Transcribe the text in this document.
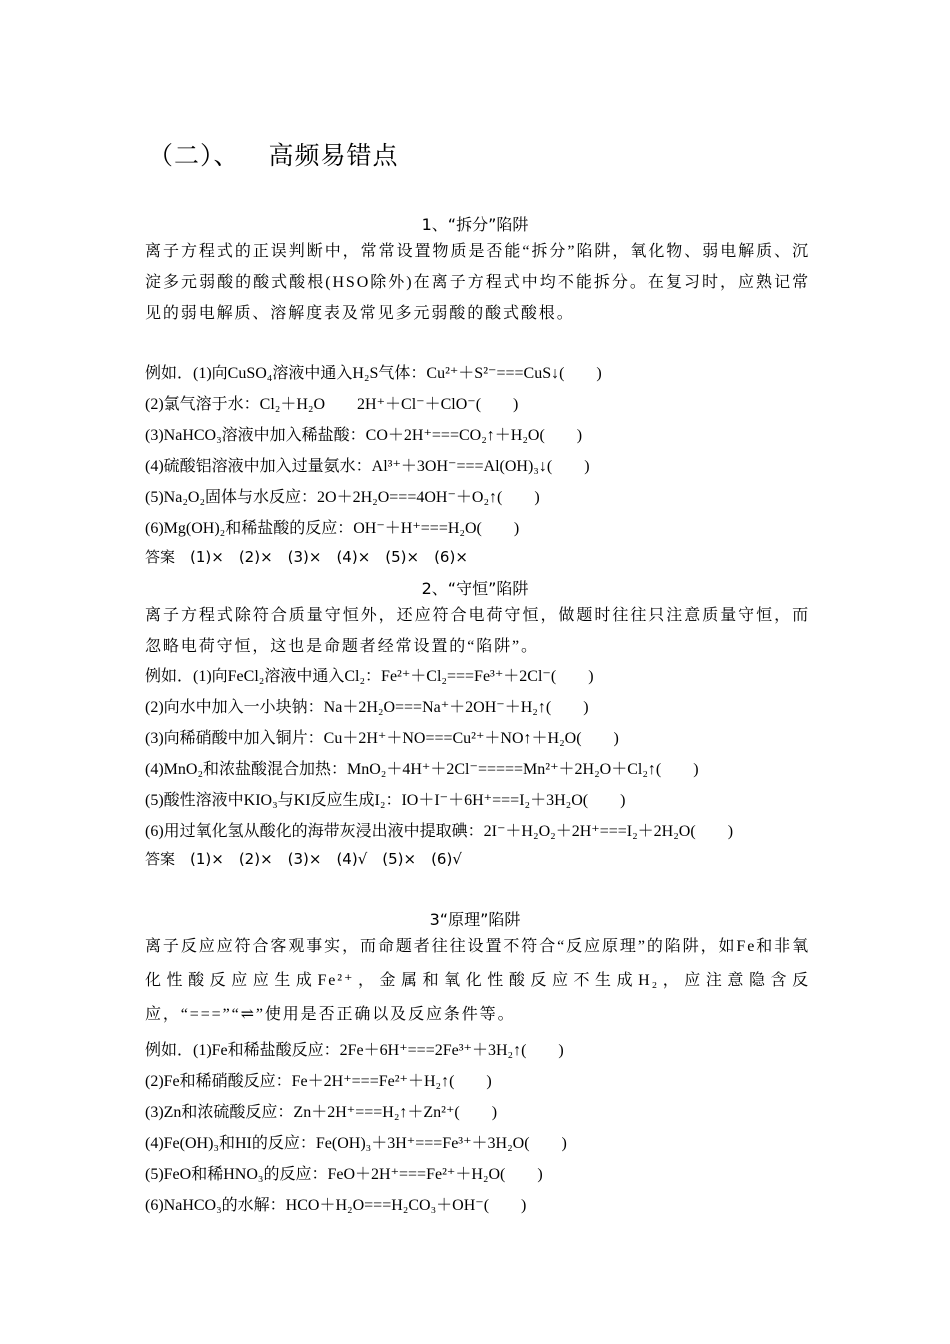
（二）、    高频易错点
1、“拆分”陷阱

离子方程式的正误判断中，常常设置物质是否能“拆分”陷阱，氧化物、弱电解质、沉淀多元弱酸的酸式酸根(HSO除外)在离子方程式中均不能拆分。在复习时，应熟记常见的弱电解质、溶解度表及常见多元弱酸的酸式酸根。

例如．(1)向CuSO₄溶液中通入H₂S气体：Cu²⁺＋S²⁻===CuS↓(　　)
(2)氯气溶于水：Cl₂＋H₂O　　2H⁺＋Cl⁻＋ClO⁻(　　)
(3)NaHCO₃溶液中加入稀盐酸：CO＋2H⁺===CO₂↑＋H₂O(　　)
(4)硫酸铝溶液中加入过量氨水：Al³⁺＋3OH⁻===Al(OH)₃↓(　　)
(5)Na₂O₂固体与水反应：2O＋2H₂O===4OH⁻＋O₂↑(　　)
(6)Mg(OH)₂和稀盐酸的反应：OH⁻＋H⁺===H₂O(　　)
答案　(1)×　(2)×　(3)×　(4)×　(5)×　(6)×
2、“守恒”陷阱

离子方程式除符合质量守恒外，还应符合电荷守恒，做题时往往只注意质量守恒，而忽略电荷守恒，这也是命题者经常设置的“陷阱”。

例如．(1)向FeCl₂溶液中通入Cl₂：Fe²⁺＋Cl₂===Fe³⁺＋2Cl⁻(　　)
(2)向水中加入一小块钠：Na＋2H₂O===Na⁺＋2OH⁻＋H₂↑(　　)
(3)向稀硝酸中加入铜片：Cu＋2H⁺＋NO===Cu²⁺＋NO↑＋H₂O(　　)
(4)MnO₂和浓盐酸混合加热：MnO₂＋4H⁺＋2Cl⁻=====Mn²⁺＋2H₂O＋Cl₂↑(　　)
(5)酸性溶液中KIO₃与KI反应生成I₂：IO＋I⁻＋6H⁺===I₂＋3H₂O(　　)
(6)用过氧化氢从酸化的海带灰浸出液中提取碘：2I⁻＋H₂O₂＋2H⁺===I₂＋2H₂O(　　)
答案　(1)×　(2)×　(3)×　(4)√　(5)×　(6)√
3“原理”陷阱

离子反应应符合客观事实，而命题者往往设置不符合“反应原理”的陷阱，如Fe和非氧化性酸反应应生成Fe²⁺，金属和氧化性酸反应不生成H₂，应注意隐含反应，“===”“⇌”使用是否正确以及反应条件等。

例如．(1)Fe和稀盐酸反应：2Fe＋6H⁺===2Fe³⁺＋3H₂↑(　　)
(2)Fe和稀硝酸反应：Fe＋2H⁺===Fe²⁺＋H₂↑(　　)
(3)Zn和浓硫酸反应：Zn＋2H⁺===H₂↑＋Zn²⁺(　　)
(4)Fe(OH)₃和HI的反应：Fe(OH)₃＋3H⁺===Fe³⁺＋3H₂O(　　)
(5)FeO和稀HNO₃的反应：FeO＋2H⁺===Fe²⁺＋H₂O(　　)
(6)NaHCO₃的水解：HCO＋H₂O===H₂CO₃＋OH⁻(　　)
